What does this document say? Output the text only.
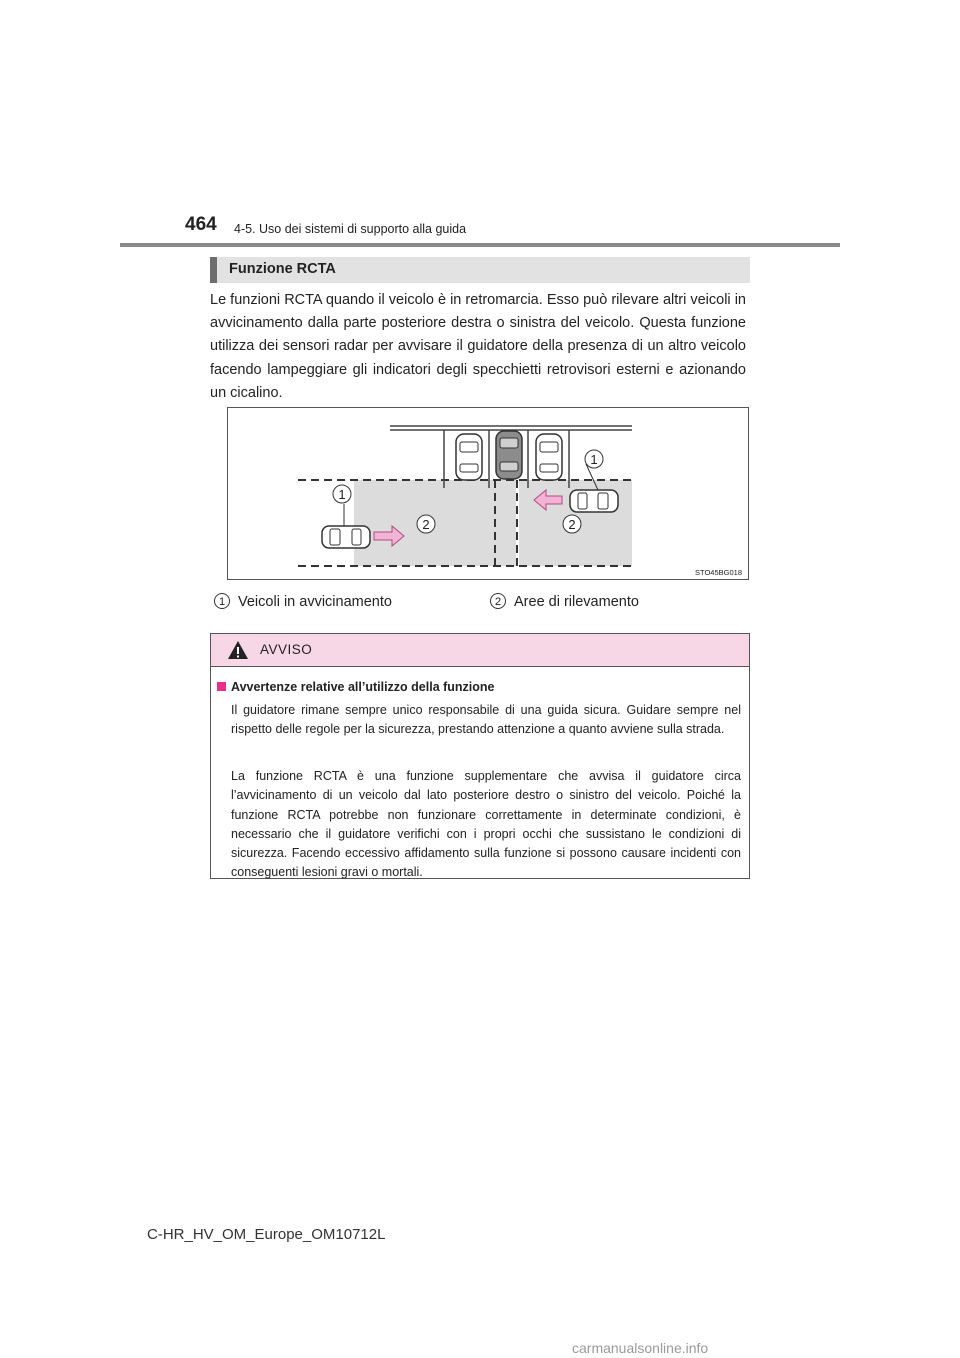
464 4-5. Uso dei sistemi di supporto alla guida
Funzione RCTA
Le funzioni RCTA quando il veicolo è in retromarcia. Esso può rilevare altri veicoli in avvicinamento dalla parte posteriore destra o sinistra del veicolo. Questa funzione utilizza dei sensori radar per avvisare il guidatore della presenza di un altro veicolo facendo lampeggiare gli indicatori degli specchietti retrovisori esterni e azionando un cicalino.
1
1
2	2
STO45BG018
1 Veicoli in avvicinamento	2 Aree di rilevamento
AVVISO
Avvertenze relative all’utilizzo della funzione
Il guidatore rimane sempre unico responsabile di una guida sicura. Guidare sempre nel rispetto delle regole per la sicurezza, prestando attenzione a quanto avviene sulla strada.
La funzione RCTA è una funzione supplementare che avvisa il guidatore circa l’avvicinamento di un veicolo dal lato posteriore destro o sinistro del veicolo. Poiché la funzione RCTA potrebbe non funzionare correttamente in determinate condizioni, è necessario che il guidatore verifichi con i propri occhi che sussistano le condizioni di sicurezza. Facendo eccessivo affidamento sulla funzione si possono causare incidenti con conseguenti lesioni gravi o mortali.
C-HR_HV_OM_Europe_OM10712L
carmanualsonline.info
